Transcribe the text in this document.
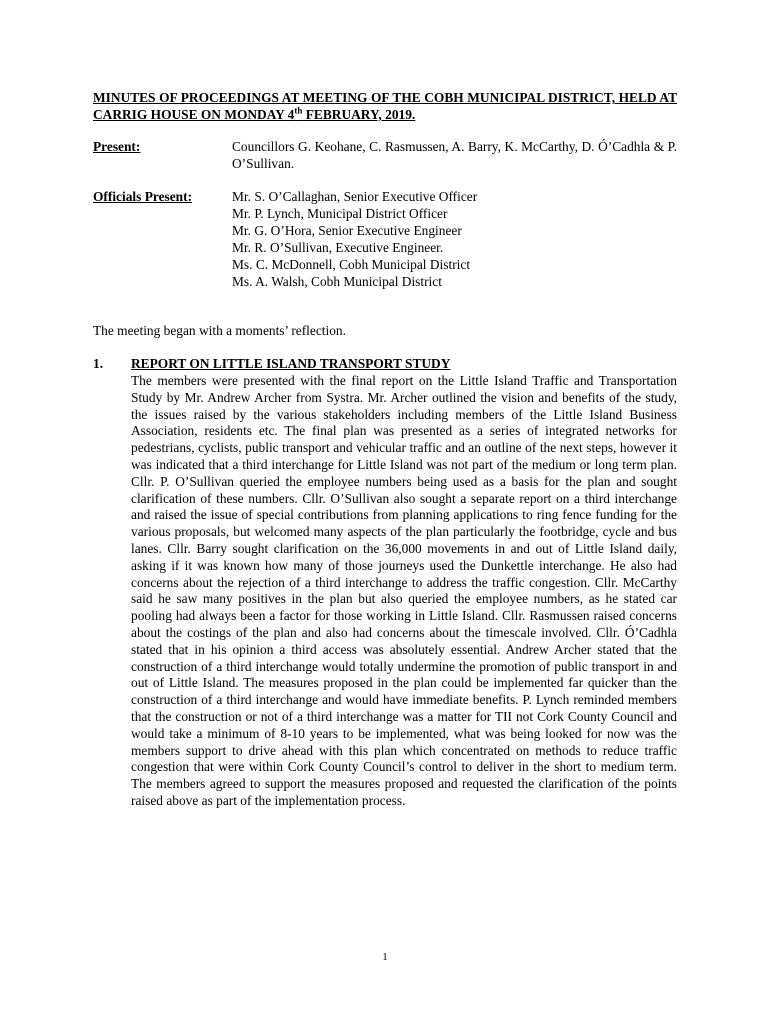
MINUTES OF PROCEEDINGS AT MEETING OF THE COBH MUNICIPAL DISTRICT, HELD AT CARRIG HOUSE ON MONDAY 4th FEBRUARY, 2019.
Present:	Councillors G. Keohane, C. Rasmussen, A. Barry, K. McCarthy, D. Ó’Cadhla & P. O’Sullivan.
Officials Present:	Mr. S. O’Callaghan, Senior Executive Officer
Mr. P. Lynch, Municipal District Officer
Mr. G. O’Hora, Senior Executive Engineer
Mr. R. O’Sullivan, Executive Engineer.
Ms. C. McDonnell, Cobh Municipal District
Ms. A. Walsh, Cobh Municipal District
The meeting began with a moments’ reflection.
1. REPORT ON LITTLE ISLAND TRANSPORT STUDY
The members were presented with the final report on the Little Island Traffic and Transportation Study by Mr. Andrew Archer from Systra. Mr. Archer outlined the vision and benefits of the study, the issues raised by the various stakeholders including members of the Little Island Business Association, residents etc. The final plan was presented as a series of integrated networks for pedestrians, cyclists, public transport and vehicular traffic and an outline of the next steps, however it was indicated that a third interchange for Little Island was not part of the medium or long term plan. Cllr. P. O’Sullivan queried the employee numbers being used as a basis for the plan and sought clarification of these numbers. Cllr. O’Sullivan also sought a separate report on a third interchange and raised the issue of special contributions from planning applications to ring fence funding for the various proposals, but welcomed many aspects of the plan particularly the footbridge, cycle and bus lanes. Cllr. Barry sought clarification on the 36,000 movements in and out of Little Island daily, asking if it was known how many of those journeys used the Dunkettle interchange. He also had concerns about the rejection of a third interchange to address the traffic congestion. Cllr. McCarthy said he saw many positives in the plan but also queried the employee numbers, as he stated car pooling had always been a factor for those working in Little Island. Cllr. Rasmussen raised concerns about the costings of the plan and also had concerns about the timescale involved. Cllr. Ó’Cadhla stated that in his opinion a third access was absolutely essential. Andrew Archer stated that the construction of a third interchange would totally undermine the promotion of public transport in and out of Little Island. The measures proposed in the plan could be implemented far quicker than the construction of a third interchange and would have immediate benefits. P. Lynch reminded members that the construction or not of a third interchange was a matter for TII not Cork County Council and would take a minimum of 8-10 years to be implemented, what was being looked for now was the members support to drive ahead with this plan which concentrated on methods to reduce traffic congestion that were within Cork County Council’s control to deliver in the short to medium term. The members agreed to support the measures proposed and requested the clarification of the points raised above as part of the implementation process.
1
